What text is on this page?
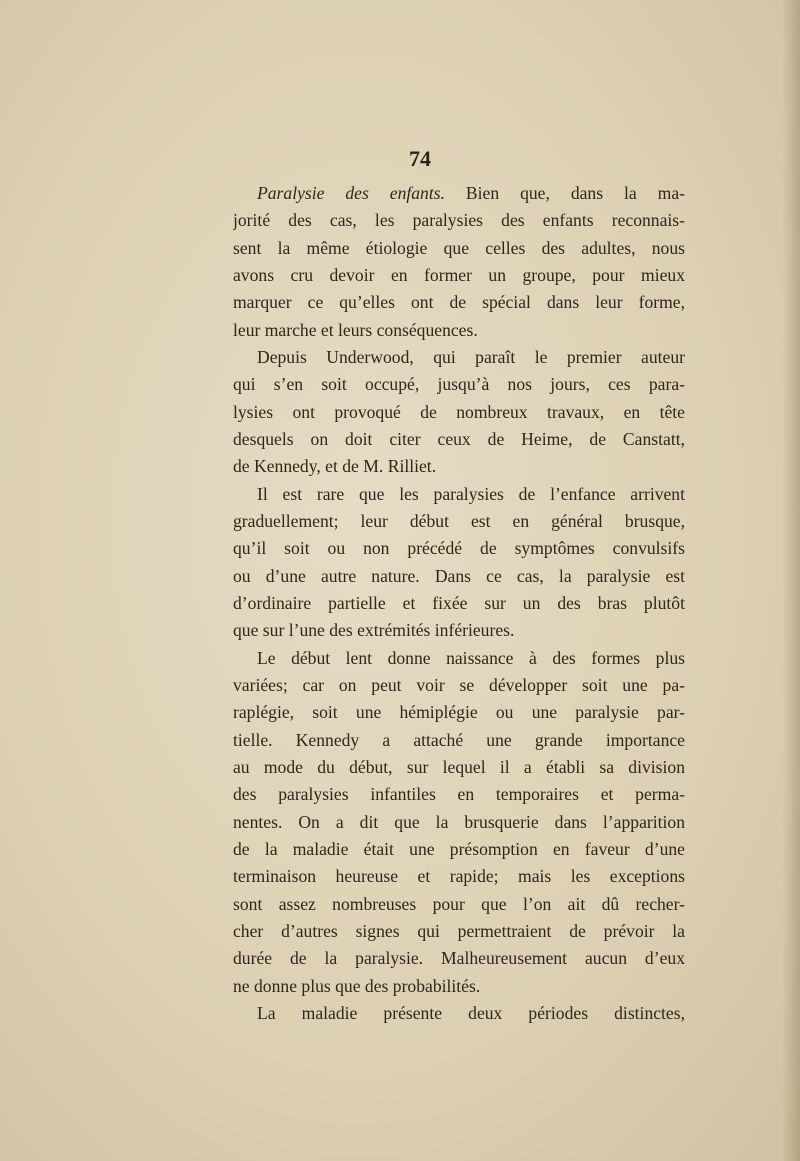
74
Paralysie des enfants. Bien que, dans la ma-
jorité des cas, les paralysies des enfants reconnais-
sent la même étiologie que celles des adultes, nous
avons cru devoir en former un groupe, pour mieux
marquer ce qu’elles ont de spécial dans leur forme,
leur marche et leurs conséquences.
Depuis Underwood, qui paraît le premier auteur
qui s’en soit occupé, jusqu’à nos jours, ces para-
lysies ont provoqué de nombreux travaux, en tête
desquels on doit citer ceux de Heime, de Canstatt,
de Kennedy, et de M. Rilliet.
Il est rare que les paralysies de l’enfance arrivent
graduellement; leur début est en général brusque,
qu’il soit ou non précédé de symptômes convulsifs
ou d’une autre nature. Dans ce cas, la paralysie est
d’ordinaire partielle et fixée sur un des bras plutôt
que sur l’une des extrémités inférieures.
Le début lent donne naissance à des formes plus
variées; car on peut voir se développer soit une pa-
raplégie, soit une hémiplégie ou une paralysie par-
tielle. Kennedy a attaché une grande importance
au mode du début, sur lequel il a établi sa division
des paralysies infantiles en temporaires et perma-
nentes. On a dit que la brusquerie dans l’apparition
de la maladie était une présomption en faveur d’une
terminaison heureuse et rapide; mais les exceptions
sont assez nombreuses pour que l’on ait dû recher-
cher d’autres signes qui permettraient de prévoir la
durée de la paralysie. Malheureusement aucun d’eux
ne donne plus que des probabilités.
La maladie présente deux périodes distinctes,
